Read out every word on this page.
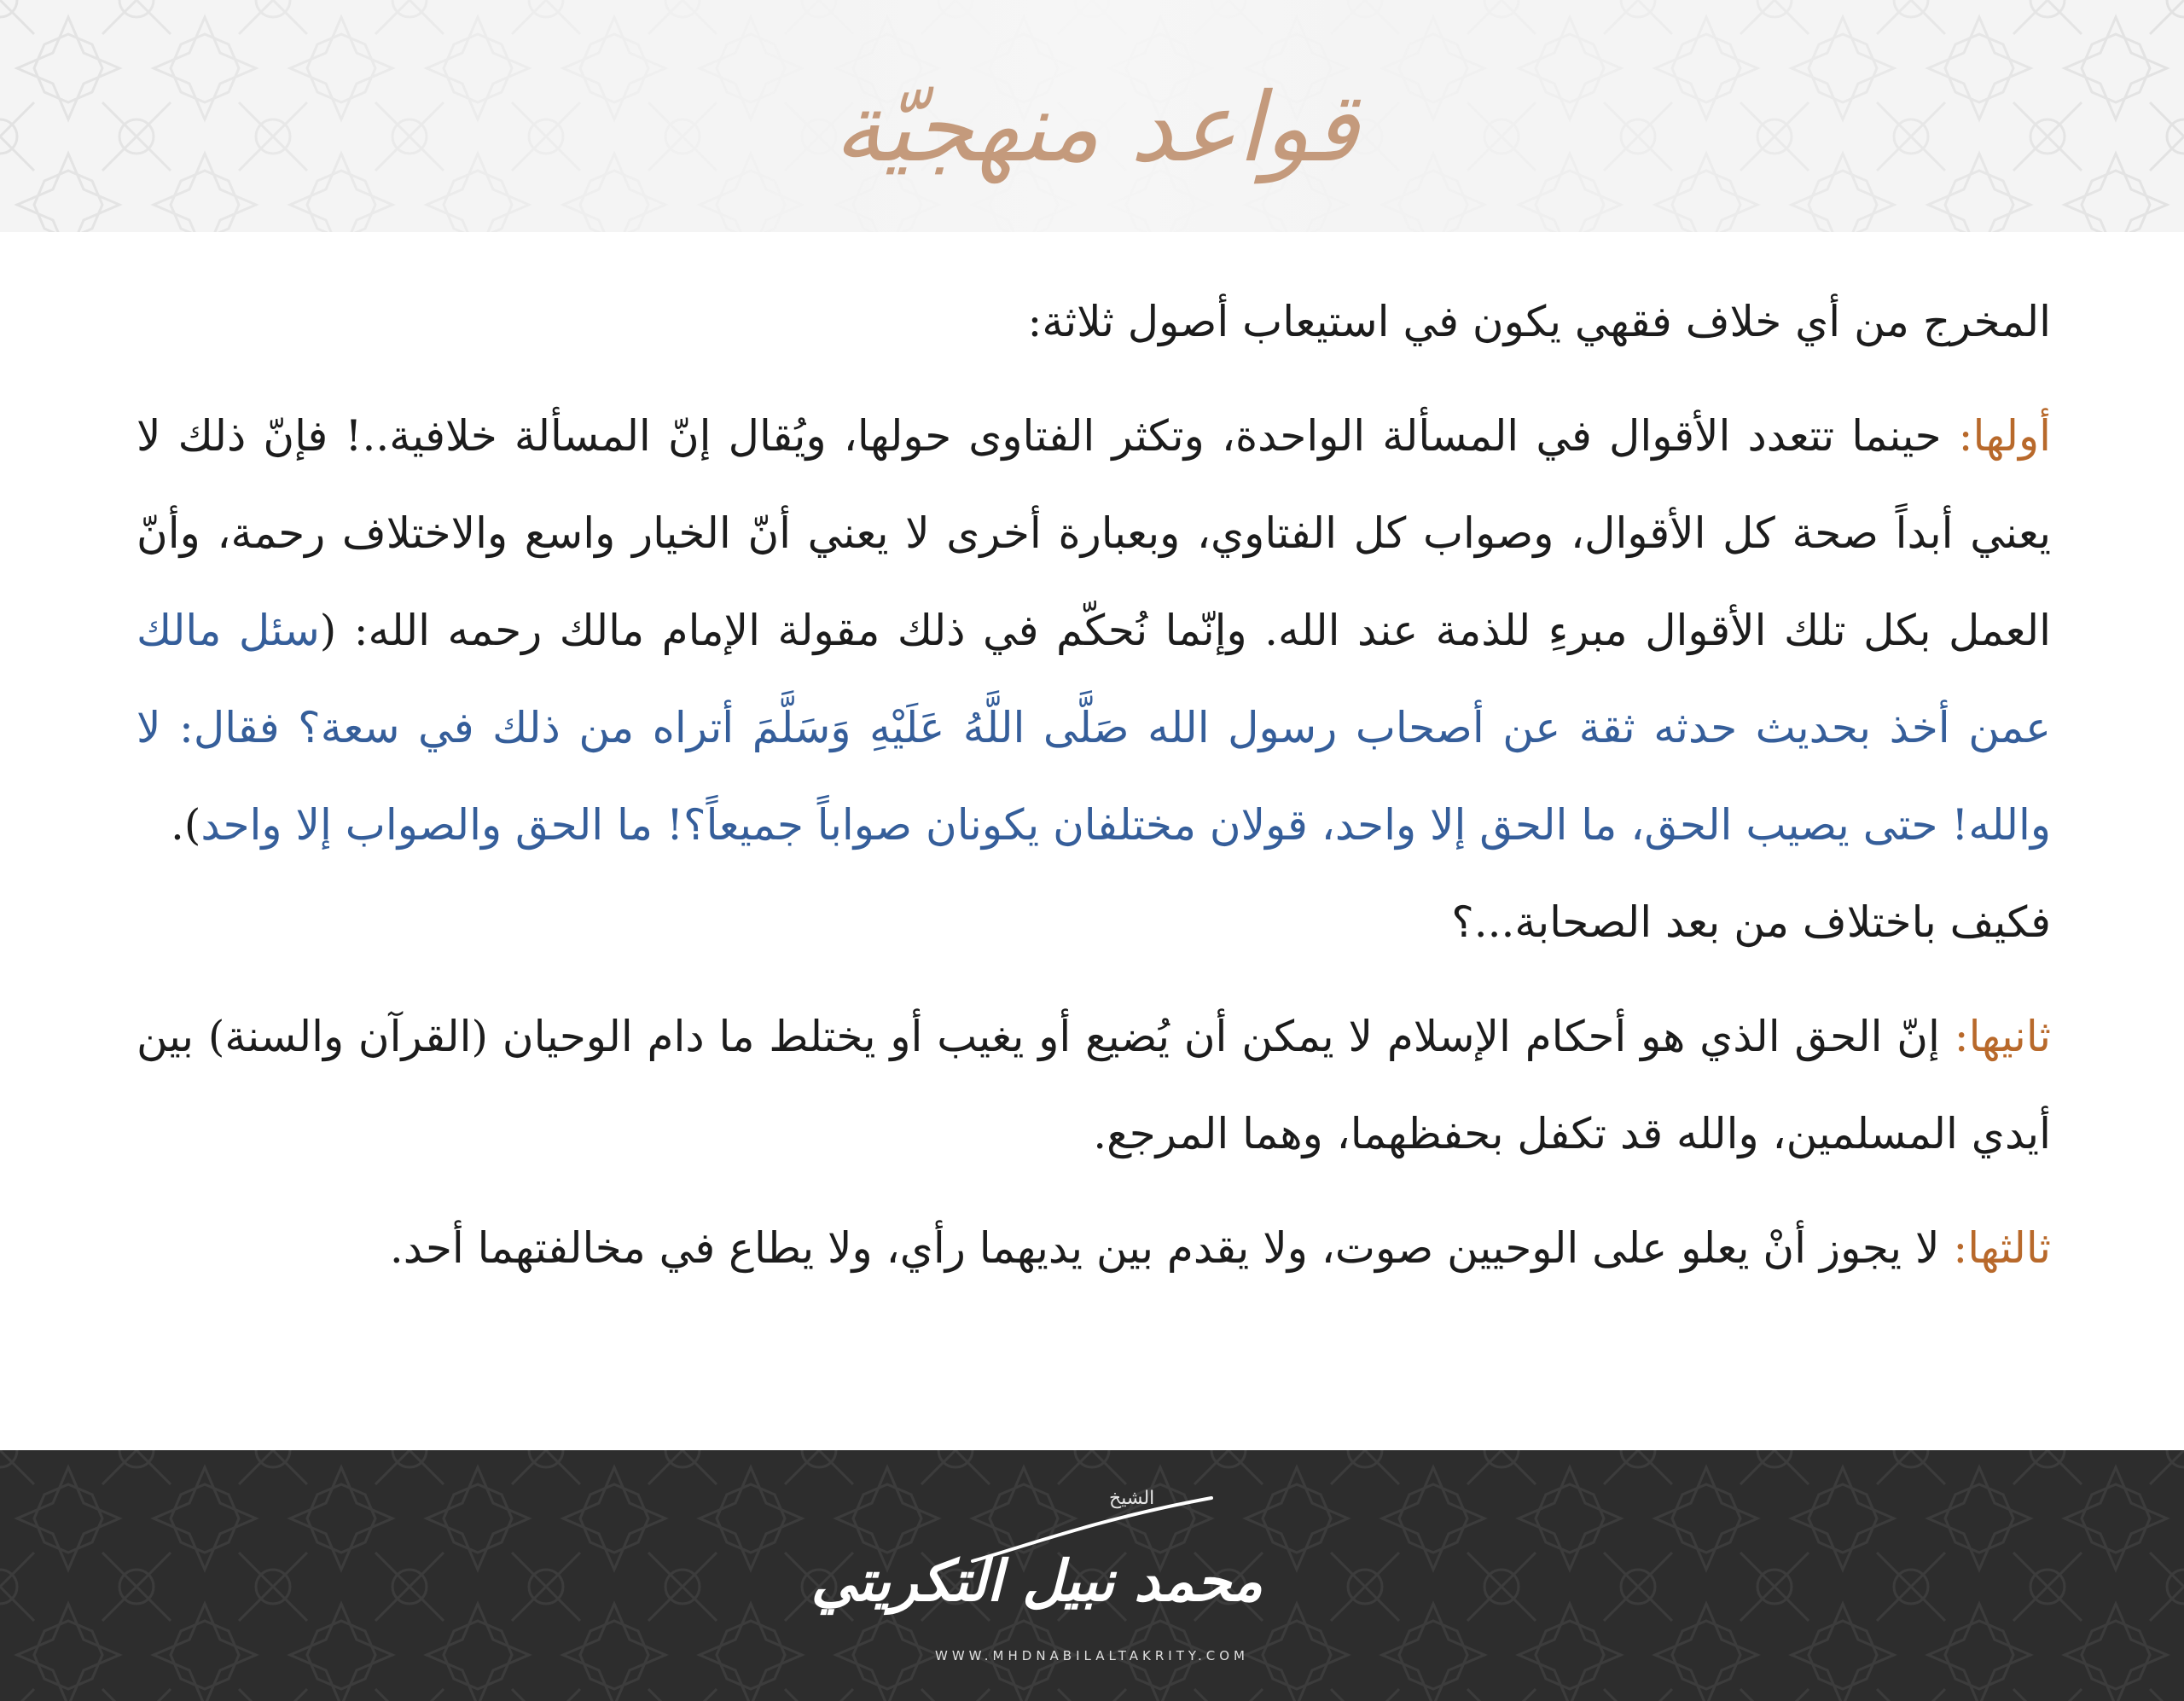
قواعد منهجيّة

المخرج من أي خلاف فقهي يكون في استيعاب أصول ثلاثة:

أولها: حينما تتعدد الأقوال في المسألة الواحدة، وتكثر الفتاوى حولها، ويُقال إنّ المسألة خلافية..! فإنّ ذلك لا يعني أبداً صحة كل الأقوال، وصواب كل الفتاوي، وبعبارة أخرى لا يعني أنّ الخيار واسع والاختلاف رحمة، وأنّ العمل بكل تلك الأقوال مبرءِ للذمة عند الله. وإنّما نُحكّم في ذلك مقولة الإمام مالك رحمه الله: (سئل مالك عمن أخذ بحديث حدثه ثقة عن أصحاب رسول الله صَلَّى اللَّهُ عَلَيْهِ وَسَلَّمَ أتراه من ذلك في سعة؟ فقال: لا والله! حتى يصيب الحق، ما الحق إلا واحد، قولان مختلفان يكونان صواباً جميعاً؟! ما الحق والصواب إلا واحد).
فكيف باختلاف من بعد الصحابة...؟

ثانيها: إنّ الحق الذي هو أحكام الإسلام لا يمكن أن يُضيع أو يغيب أو يختلط ما دام الوحيان (القرآن والسنة) بين أيدي المسلمين، والله قد تكفل بحفظهما، وهما المرجع.

ثالثها: لا يجوز أنْ يعلو على الوحيين صوت، ولا يقدم بين يديهما رأي، ولا يطاع في مخالفتهما أحد.

الشيخ
محمد نبيل التكريتي
WWW.MHDNABILALTAKRITY.COM
